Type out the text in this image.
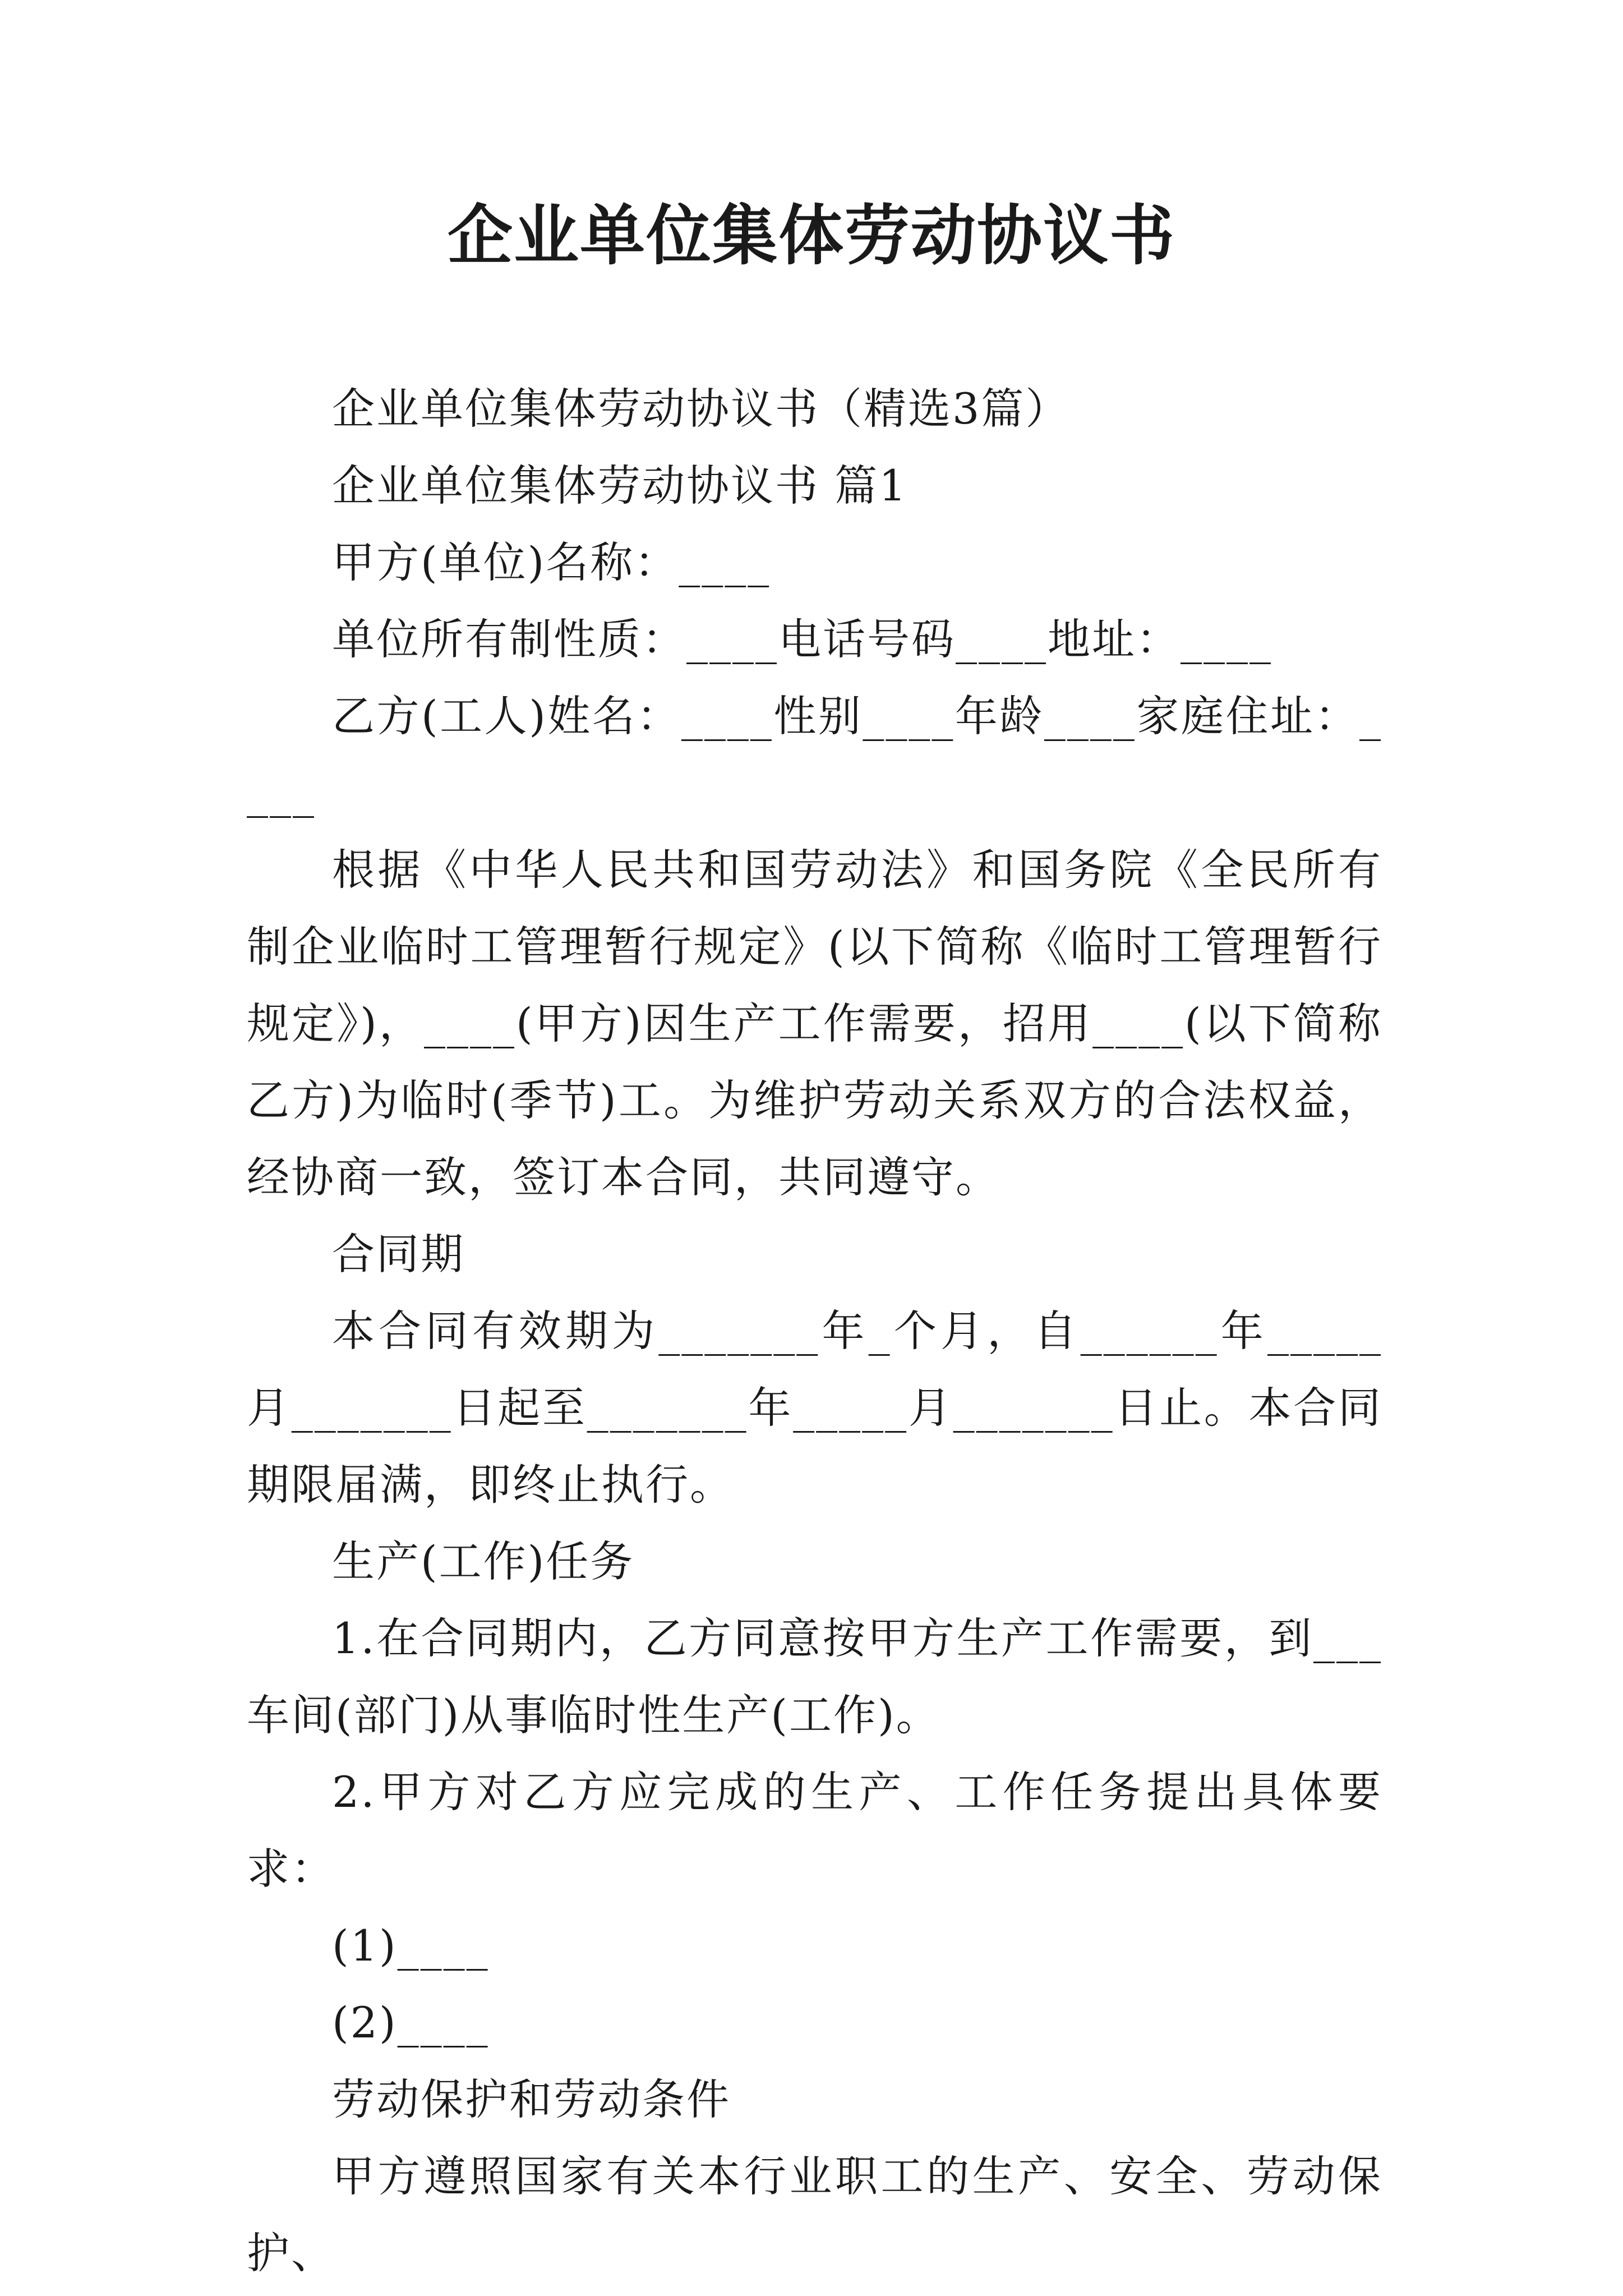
企业单位集体劳动协议书

企业单位集体劳动协议书（精选3篇）

企业单位集体劳动协议书 篇1

甲方(单位)名称：____

单位所有制性质：____电话号码____地址：____

乙方(工人)姓名：____性别____年龄____家庭住址：____

根据《中华人民共和国劳动法》和国务院《全民所有制企业临时工管理暂行规定》(以下简称《临时工管理暂行规定》)，____(甲方)因生产工作需要，招用____(以下简称乙方)为临时(季节)工。为维护劳动关系双方的合法权益，经协商一致，签订本合同，共同遵守。

合同期

本合同有效期为_______年_个月，自______年_____月_______日起至_______年_____月_______日止。本合同期限届满，即终止执行。

生产(工作)任务

1.在合同期内，乙方同意按甲方生产工作需要，到___车间(部门)从事临时性生产(工作)。

2.甲方对乙方应完成的生产、工作任务提出具体要求：

(1)____

(2)____

劳动保护和劳动条件

甲方遵照国家有关本行业职工的生产、安全、劳动保护、
